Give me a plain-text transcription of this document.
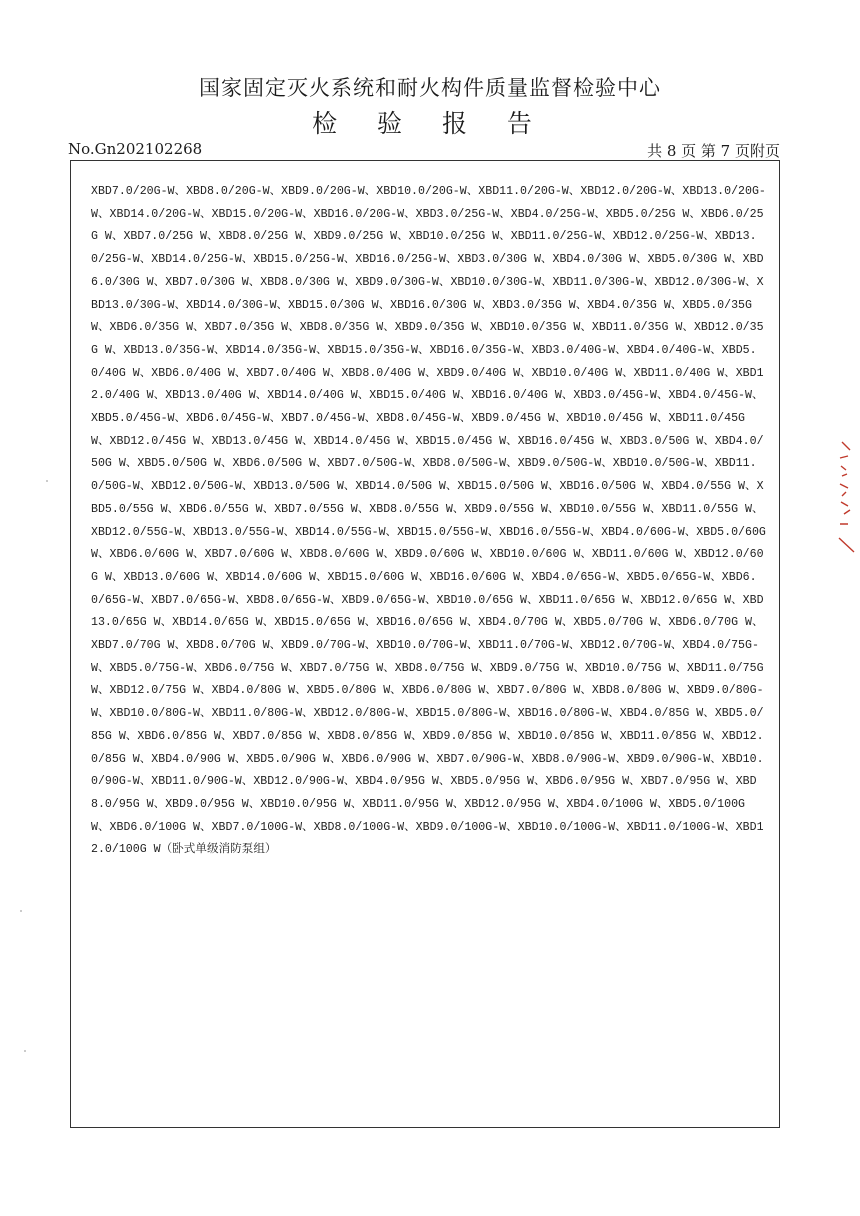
国家固定灭火系统和耐火构件质量监督检验中心
检 验 报 告
No.Gn202102268	共 8 页 第 7 页附页
XBD7.0/20G-W、XBD8.0/20G-W、XBD9.0/20G-W、XBD10.0/20G-W、XBD11.0/20G-W、XBD12.0/20G-W、XBD13.0/20G-W、XBD14.0/20G-W、XBD15.0/20G-W、XBD16.0/20G-W、XBD3.0/25G-W、XBD4.0/25G-W、XBD5.0/25G W、XBD6.0/25G W、XBD7.0/25G W、XBD8.0/25G W、XBD9.0/25G W、XBD10.0/25G W、XBD11.0/25G-W、XBD12.0/25G-W、XBD13.0/25G-W、XBD14.0/25G-W、XBD15.0/25G-W、XBD16.0/25G-W、XBD3.0/30G W、XBD4.0/30G W、XBD5.0/30G W、XBD6.0/30G W、XBD7.0/30G W、XBD8.0/30G W、XBD9.0/30G-W、XBD10.0/30G-W、XBD11.0/30G-W、XBD12.0/30G-W、XBD13.0/30G-W、XBD14.0/30G-W、XBD15.0/30G W、XBD16.0/30G W、XBD3.0/35G W、XBD4.0/35G W、XBD5.0/35G W、XBD6.0/35G W、XBD7.0/35G W、XBD8.0/35G W、XBD9.0/35G W、XBD10.0/35G W、XBD11.0/35G W、XBD12.0/35G W、XBD13.0/35G-W、XBD14.0/35G-W、XBD15.0/35G-W、XBD16.0/35G-W、XBD3.0/40G-W、XBD4.0/40G-W、XBD5.0/40G W、XBD6.0/40G W、XBD7.0/40G W、XBD8.0/40G W、XBD9.0/40G W、XBD10.0/40G W、XBD11.0/40G W、XBD12.0/40G W、XBD13.0/40G W、XBD14.0/40G W、XBD15.0/40G W、XBD16.0/40G W、XBD3.0/45G-W、XBD4.0/45G-W、XBD5.0/45G-W、XBD6.0/45G-W、XBD7.0/45G-W、XBD8.0/45G-W、XBD9.0/45G W、XBD10.0/45G W、XBD11.0/45G W、XBD12.0/45G W、XBD13.0/45G W、XBD14.0/45G W、XBD15.0/45G W、XBD16.0/45G W、XBD3.0/50G W、XBD4.0/50G W、XBD5.0/50G W、XBD6.0/50G W、XBD7.0/50G-W、XBD8.0/50G-W、XBD9.0/50G-W、XBD10.0/50G-W、XBD11.0/50G-W、XBD12.0/50G-W、XBD13.0/50G W、XBD14.0/50G W、XBD15.0/50G W、XBD16.0/50G W、XBD4.0/55G W、XBD5.0/55G W、XBD6.0/55G W、XBD7.0/55G W、XBD8.0/55G W、XBD9.0/55G W、XBD10.0/55G W、XBD11.0/55G W、XBD12.0/55G-W、XBD13.0/55G-W、XBD14.0/55G-W、XBD15.0/55G-W、XBD16.0/55G-W、XBD4.0/60G-W、XBD5.0/60G W、XBD6.0/60G W、XBD7.0/60G W、XBD8.0/60G W、XBD9.0/60G W、XBD10.0/60G W、XBD11.0/60G W、XBD12.0/60G W、XBD13.0/60G W、XBD14.0/60G W、XBD15.0/60G W、XBD16.0/60G W、XBD4.0/65G-W、XBD5.0/65G-W、XBD6.0/65G-W、XBD7.0/65G-W、XBD8.0/65G-W、XBD9.0/65G-W、XBD10.0/65G W、XBD11.0/65G W、XBD12.0/65G W、XBD13.0/65G W、XBD14.0/65G W、XBD15.0/65G W、XBD16.0/65G W、XBD4.0/70G W、XBD5.0/70G W、XBD6.0/70G W、XBD7.0/70G W、XBD8.0/70G W、XBD9.0/70G-W、XBD10.0/70G-W、XBD11.0/70G-W、XBD12.0/70G-W、XBD4.0/75G-W、XBD5.0/75G-W、XBD6.0/75G W、XBD7.0/75G W、XBD8.0/75G W、XBD9.0/75G W、XBD10.0/75G W、XBD11.0/75G W、XBD12.0/75G W、XBD4.0/80G W、XBD5.0/80G W、XBD6.0/80G W、XBD7.0/80G W、XBD8.0/80G W、XBD9.0/80G-W、XBD10.0/80G-W、XBD11.0/80G-W、XBD12.0/80G-W、XBD15.0/80G-W、XBD16.0/80G-W、XBD4.0/85G W、XBD5.0/85G W、XBD6.0/85G W、XBD7.0/85G W、XBD8.0/85G W、XBD9.0/85G W、XBD10.0/85G W、XBD11.0/85G W、XBD12.0/85G W、XBD4.0/90G W、XBD5.0/90G W、XBD6.0/90G W、XBD7.0/90G-W、XBD8.0/90G-W、XBD9.0/90G-W、XBD10.0/90G-W、XBD11.0/90G-W、XBD12.0/90G-W、XBD4.0/95G W、XBD5.0/95G W、XBD6.0/95G W、XBD7.0/95G W、XBD8.0/95G W、XBD9.0/95G W、XBD10.0/95G W、XBD11.0/95G W、XBD12.0/95G W、XBD4.0/100G W、XBD5.0/100G W、XBD6.0/100G W、XBD7.0/100G-W、XBD8.0/100G-W、XBD9.0/100G-W、XBD10.0/100G-W、XBD11.0/100G-W、XBD12.0/100G W（卧式单级消防泵组）
